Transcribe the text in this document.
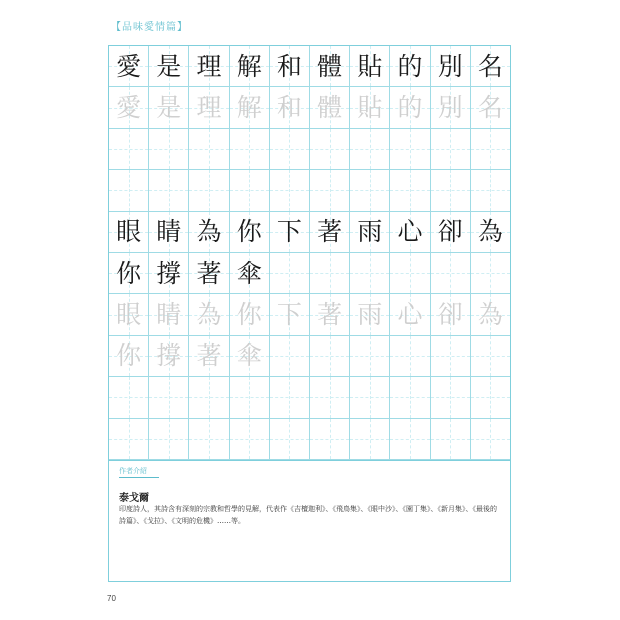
【品味愛情篇】
愛 是 理 解 和 體 貼 的 別 名
愛 是 理 解 和 體 貼 的 別 名
眼 睛 為 你 下 著 雨 心 卻 為
你 撐 著 傘
眼 睛 為 你 下 著 雨 心 卻 為
你 撐 著 傘
作者介紹
泰戈爾
印度詩人，其詩含有深刻的宗教和哲學的見解，代表作《吉檀迦利》、《飛鳥集》、《眼中沙》、《園丁集》、《新月集》、《最後的詩篇》、《戈拉》、《文明的危機》……等。
70
